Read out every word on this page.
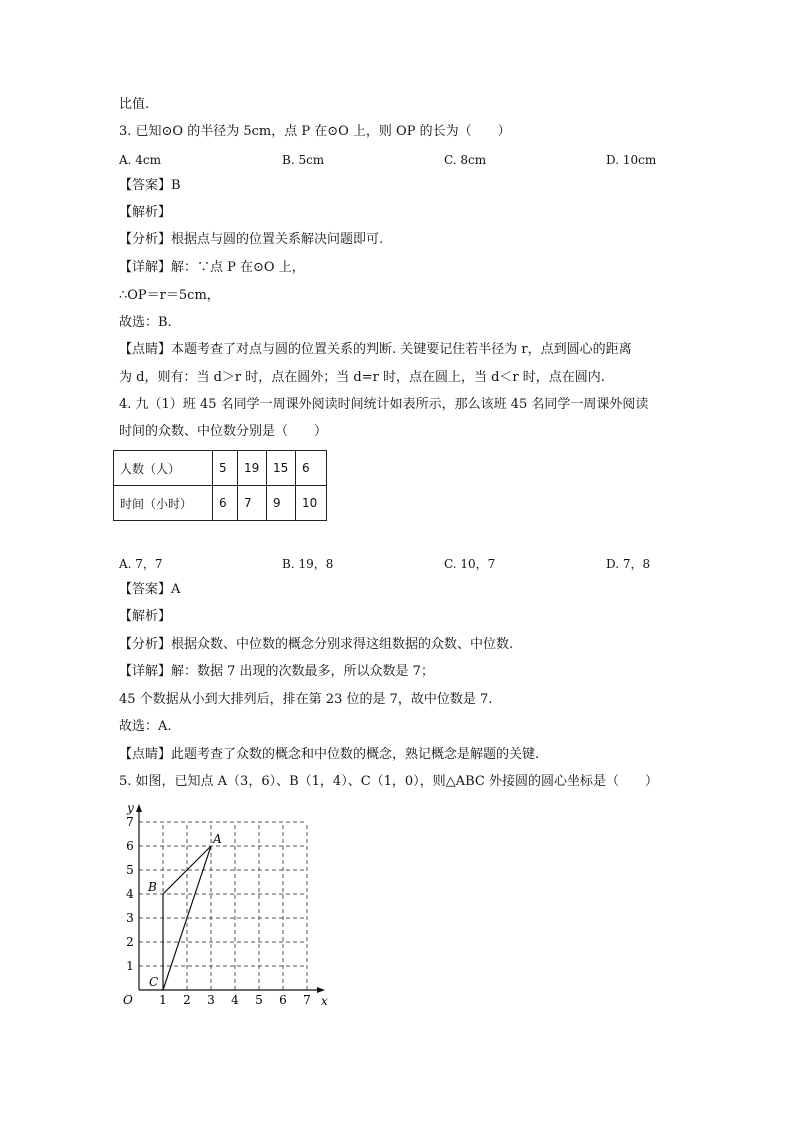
比值.
3. 已知⊙O 的半径为 5cm，点 P 在⊙O 上，则 OP 的长为（　　）
A. 4cm	B. 5cm	C. 8cm	D. 10cm
【答案】B
【解析】
【分析】根据点与圆的位置关系解决问题即可.
【详解】解：∵点 P 在⊙O 上，
∴OP＝r＝5cm，
故选：B.
【点睛】本题考查了对点与圆的位置关系的判断. 关键要记住若半径为 r，点到圆心的距离
为 d，则有：当 d＞r 时，点在圆外；当 d=r 时，点在圆上，当 d＜r 时，点在圆内.
4. 九（1）班 45 名同学一周课外阅读时间统计如表所示，那么该班 45 名同学一周课外阅读
时间的众数、中位数分别是（　　）
人数（人）	5	19	15	6
时间（小时）	6	7	9	10
A. 7，7	B. 19，8	C. 10，7	D. 7，8
【答案】A
【解析】
【分析】根据众数、中位数的概念分别求得这组数据的众数、中位数.
【详解】解：数据 7 出现的次数最多，所以众数是 7；
45 个数据从小到大排列后，排在第 23 位的是 7，故中位数是 7.
故选：A.
【点睛】此题考查了众数的概念和中位数的概念，熟记概念是解题的关键.
5. 如图，已知点 A（3，6）、B（1，4）、C（1，0），则△ABC 外接圆的圆心坐标是（　　）
1 2 3 4 5 6 7
1
2
3
4
5
6
7
O	x
y
A
B
C
